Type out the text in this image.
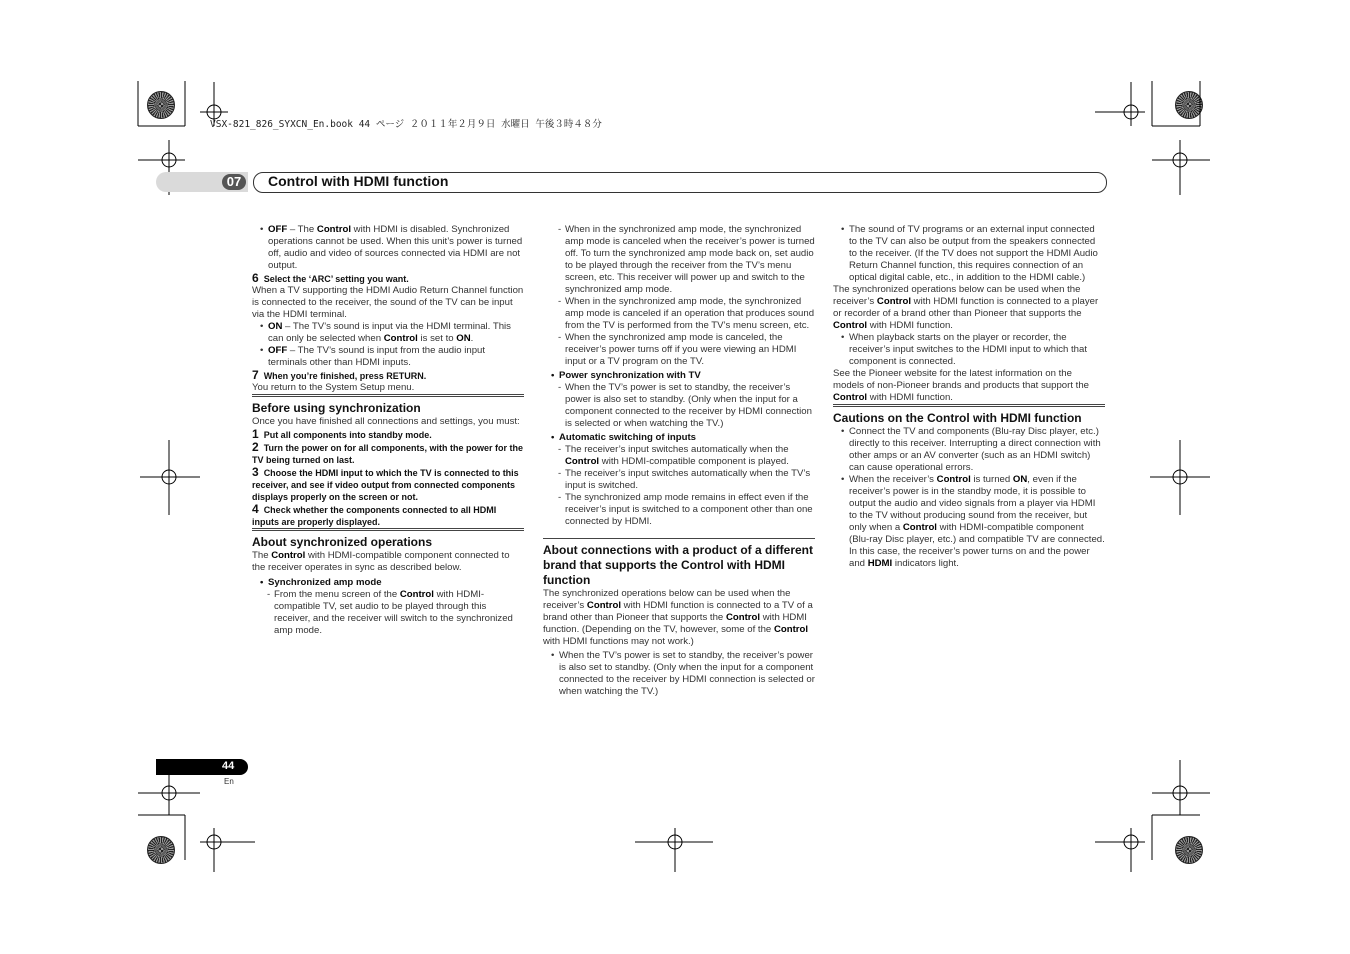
VSX-821_826_SYXCN_En.book 44 ページ ２０１１年２月９日 水曜日 午後３時４８分
07	Control with HDMI function

• OFF – The Control with HDMI is disabled. Synchronized operations cannot be used. When this unit’s power is turned off, audio and video of sources connected via HDMI are not output.

6 Select the ‘ARC’ setting you want.

When a TV supporting the HDMI Audio Return Channel function is connected to the receiver, the sound of the TV can be input via the HDMI terminal.

• ON – The TV’s sound is input via the HDMI terminal. This can only be selected when Control is set to ON.

• OFF – The TV’s sound is input from the audio input terminals other than HDMI inputs.

7 When you’re finished, press RETURN.

You return to the System Setup menu.

Before using synchronization

Once you have finished all connections and settings, you must:

1 Put all components into standby mode.

2 Turn the power on for all components, with the power for the TV being turned on last.

3 Choose the HDMI input to which the TV is connected to this receiver, and see if video output from connected components displays properly on the screen or not.

4 Check whether the components connected to all HDMI inputs are properly displayed.

About synchronized operations

The Control with HDMI-compatible component connected to the receiver operates in sync as described below.

• Synchronized amp mode

- From the menu screen of the Control with HDMI-compatible TV, set audio to be played through this receiver, and the receiver will switch to the synchronized amp mode.

- When in the synchronized amp mode, the synchronized amp mode is canceled when the receiver’s power is turned off. To turn the synchronized amp mode back on, set audio to be played through the receiver from the TV’s menu screen, etc. This receiver will power up and switch to the synchronized amp mode.

- When in the synchronized amp mode, the synchronized amp mode is canceled if an operation that produces sound from the TV is performed from the TV’s menu screen, etc.

- When the synchronized amp mode is canceled, the receiver’s power turns off if you were viewing an HDMI input or a TV program on the TV.

• Power synchronization with TV

- When the TV’s power is set to standby, the receiver’s power is also set to standby. (Only when the input for a component connected to the receiver by HDMI connection is selected or when watching the TV.)

• Automatic switching of inputs

- The receiver’s input switches automatically when the Control with HDMI-compatible component is played.

- The receiver’s input switches automatically when the TV’s input is switched.

- The synchronized amp mode remains in effect even if the receiver’s input is switched to a component other than one connected by HDMI.

About connections with a product of a different brand that supports the Control with HDMI function

The synchronized operations below can be used when the receiver’s Control with HDMI function is connected to a TV of a brand other than Pioneer that supports the Control with HDMI function. (Depending on the TV, however, some of the Control with HDMI functions may not work.)

• When the TV’s power is set to standby, the receiver’s power is also set to standby. (Only when the input for a component connected to the receiver by HDMI connection is selected or when watching the TV.)

• The sound of TV programs or an external input connected to the TV can also be output from the speakers connected to the receiver. (If the TV does not support the HDMI Audio Return Channel function, this requires connection of an optical digital cable, etc., in addition to the HDMI cable.)

The synchronized operations below can be used when the receiver’s Control with HDMI function is connected to a player or recorder of a brand other than Pioneer that supports the Control with HDMI function.

• When playback starts on the player or recorder, the receiver’s input switches to the HDMI input to which that component is connected.

See the Pioneer website for the latest information on the models of non-Pioneer brands and products that support the Control with HDMI function.

Cautions on the Control with HDMI function

• Connect the TV and components (Blu-ray Disc player, etc.) directly to this receiver. Interrupting a direct connection with other amps or an AV converter (such as an HDMI switch) can cause operational errors.

• When the receiver’s Control is turned ON, even if the receiver’s power is in the standby mode, it is possible to output the audio and video signals from a player via HDMI to the TV without producing sound from the receiver, but only when a Control with HDMI-compatible component (Blu-ray Disc player, etc.) and compatible TV are connected. In this case, the receiver’s power turns on and the power and HDMI indicators light.

44
En
